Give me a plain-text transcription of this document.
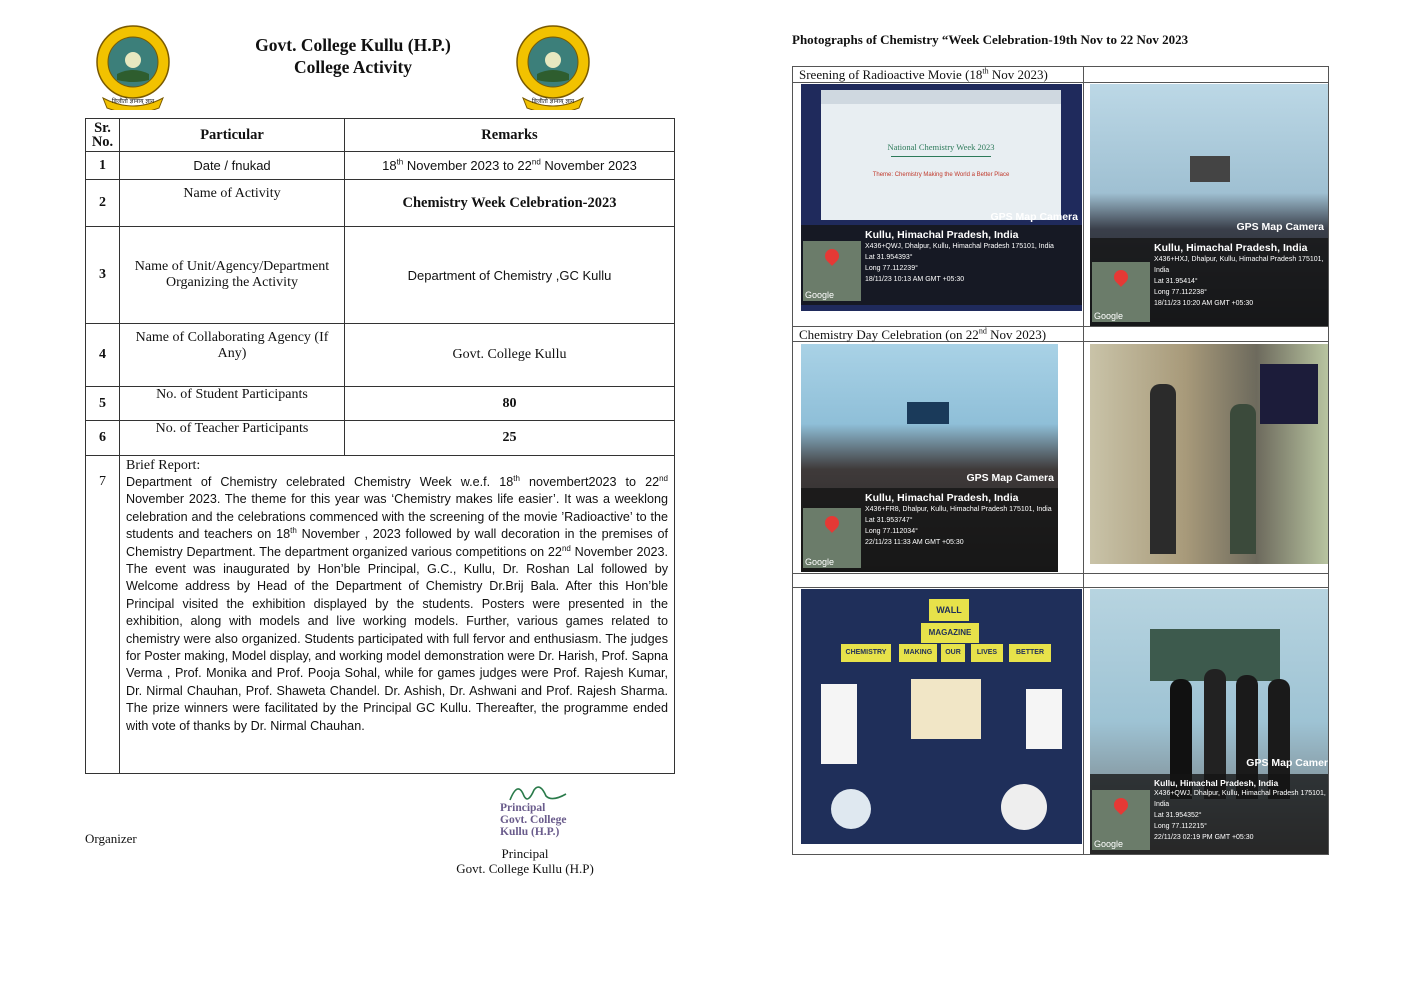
विजीतो ज्ञानाय् ज्ञान
Govt. College Kullu (H.P.)
College Activity
विजीतो ज्ञानाय् ज्ञान
Sr. No.	Particular	Remarks
1	Date / fnukad	18th November 2023 to 22nd November 2023
2	Name of Activity	Chemistry Week Celebration-2023
3	Name of Unit/Agency/Department Organizing the Activity	Department of Chemistry ,GC Kullu
4	Name of Collaborating Agency (If Any)	Govt. College Kullu
5	No. of Student Participants	80
6	No. of Teacher Participants	25
7	Brief Report:
Department of Chemistry celebrated Chemistry Week w.e.f. 18th novembert2023 to 22nd November 2023. The theme for this year was ‘Chemistry makes life easier’. It was a weeklong celebration and the celebrations commenced with the screening of the movie ’Radioactive’ to the students and teachers on 18th November , 2023 followed by wall decoration in the premises of Chemistry Department. The department organized various competitions on 22nd November 2023. The event was inaugurated by Hon’ble Principal, G.C., Kullu, Dr. Roshan Lal followed by Welcome address by Head of the Department of Chemistry Dr.Brij Bala. After this Hon’ble Principal visited the exhibition displayed by the students. Posters were presented in the exhibition, along with models and live working models. Further, various games related to chemistry were also organized. Students participated with full fervor and enthusiasm. The judges for Poster making, Model display, and working model demonstration were Dr. Harish, Prof. Sapna Verma , Prof. Monika and Prof. Pooja Sohal, while for games judges were Prof. Rajesh Kumar, Dr. Nirmal Chauhan, Prof. Shaweta Chandel. Dr. Ashish, Dr. Ashwani and Prof. Rajesh Sharma. The prize winners were facilitated by the Principal GC Kullu. Thereafter, the programme ended with vote of thanks by Dr. Nirmal Chauhan.	
Organizer
Principal
Govt. College
Kullu (H.P.)
Principal
Govt. College Kullu (H.P)
Photographs of Chemistry “Week Celebration-19th Nov to 22 Nov 2023
Sreening of Radioactive Movie (18th Nov 2023)
Chemistry Day Celebration (on 22nd Nov 2023)
National Chemistry Week 2023
Theme: Chemistry Making the World a Better Place
GPS Map Camera
Google
Kullu, Himachal Pradesh, India
X436+QWJ, Dhalpur, Kullu, Himachal Pradesh 175101, India
Lat 31.954393°
Long 77.112239°
18/11/23 10:13 AM GMT +05:30
GPS Map Camera
Google
Kullu, Himachal Pradesh, India
X436+HXJ, Dhalpur, Kullu, Himachal Pradesh 175101, India
Lat 31.95414°
Long 77.112238°
18/11/23 10:20 AM GMT +05:30
GPS Map Camera
Google
Kullu, Himachal Pradesh, India
X436+FR8, Dhalpur, Kullu, Himachal Pradesh 175101, India
Lat 31.953747°
Long 77.112034°
22/11/23 11:33 AM GMT +05:30
WALL
MAGAZINE
CHEMISTRY	MAKING	OUR	LIVES	BETTER
GPS Map Camer
Google
Kullu, Himachal Pradesh, India
X436+QWJ, Dhalpur, Kullu, Himachal Pradesh 175101, India
Lat 31.954352°
Long 77.112215°
22/11/23 02:19 PM GMT +05:30
